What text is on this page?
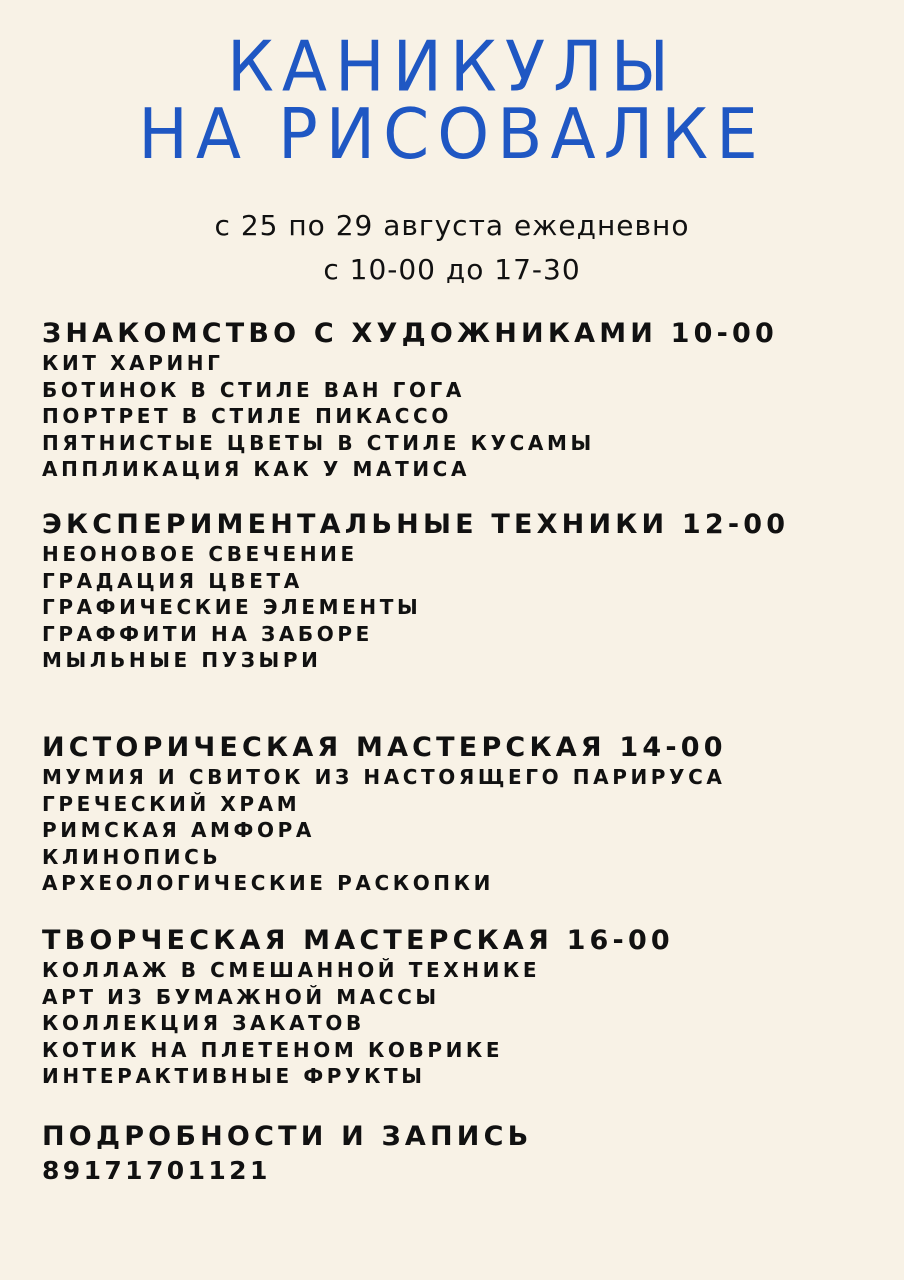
КАНИКУЛЫ
НА РИСОВАЛКЕ
с 25 по 29 августа ежедневно
с 10-00 до 17-30
ЗНАКОМСТВО С ХУДОЖНИКАМИ 10-00
КИТ ХАРИНГ
БОТИНОК В СТИЛЕ ВАН ГОГА
ПОРТРЕТ В СТИЛЕ ПИКАССО
ПЯТНИСТЫЕ ЦВЕТЫ В СТИЛЕ КУСАМЫ
АППЛИКАЦИЯ КАК У МАТИСА
ЭКСПЕРИМЕНТАЛЬНЫЕ ТЕХНИКИ 12-00
НЕОНОВОЕ СВЕЧЕНИЕ
ГРАДАЦИЯ ЦВЕТА
ГРАФИЧЕСКИЕ ЭЛЕМЕНТЫ
ГРАФФИТИ НА ЗАБОРЕ
МЫЛЬНЫЕ ПУЗЫРИ
ИСТОРИЧЕСКАЯ МАСТЕРСКАЯ 14-00
МУМИЯ И СВИТОК ИЗ НАСТОЯЩЕГО ПАРИРУСА
ГРЕЧЕСКИЙ ХРАМ
РИМСКАЯ АМФОРА
КЛИНОПИСЬ
АРХЕОЛОГИЧЕСКИЕ РАСКОПКИ
ТВОРЧЕСКАЯ МАСТЕРСКАЯ 16-00
КОЛЛАЖ В СМЕШАННОЙ ТЕХНИКЕ
АРТ ИЗ БУМАЖНОЙ МАССЫ
КОЛЛЕКЦИЯ ЗАКАТОВ
КОТИК НА ПЛЕТЕНОМ КОВРИКЕ
ИНТЕРАКТИВНЫЕ ФРУКТЫ
ПОДРОБНОСТИ И ЗАПИСЬ
89171701121
